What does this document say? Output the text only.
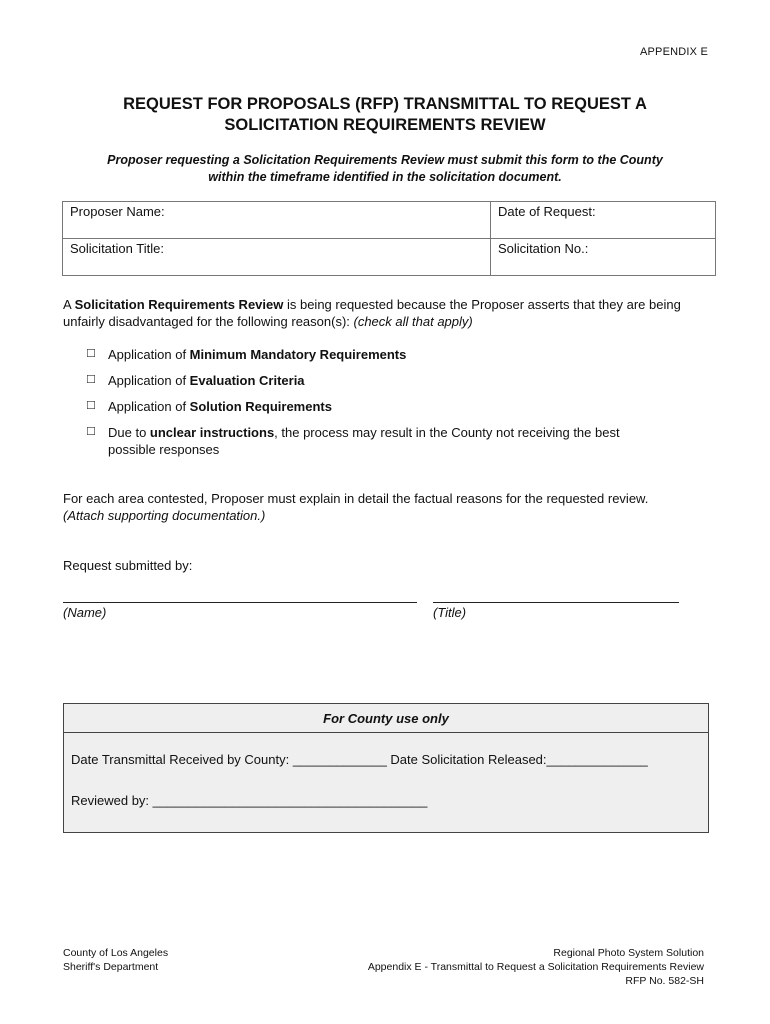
APPENDIX E
REQUEST FOR PROPOSALS (RFP) TRANSMITTAL TO REQUEST A
SOLICITATION REQUIREMENTS REVIEW
Proposer requesting a Solicitation Requirements Review must submit this form to the County
within the timeframe identified in the solicitation document.
Proposer Name:	Date of Request:
Solicitation Title:	Solicitation No.:
A Solicitation Requirements Review is being requested because the Proposer asserts that they are being unfairly disadvantaged for the following reason(s): (check all that apply)
☐ Application of Minimum Mandatory Requirements
☐ Application of Evaluation Criteria
☐ Application of Solution Requirements
☐ Due to unclear instructions, the process may result in the County not receiving the best possible responses
For each area contested, Proposer must explain in detail the factual reasons for the requested review.
(Attach supporting documentation.)
Request submitted by:
(Name)	(Title)
For County use only
Date Transmittal Received by County: _____________ Date Solicitation Released:______________
Reviewed by: ______________________________________
County of Los Angeles
Sheriff's Department
Regional Photo System Solution
Appendix E - Transmittal to Request a Solicitation Requirements Review
RFP No. 582-SH
